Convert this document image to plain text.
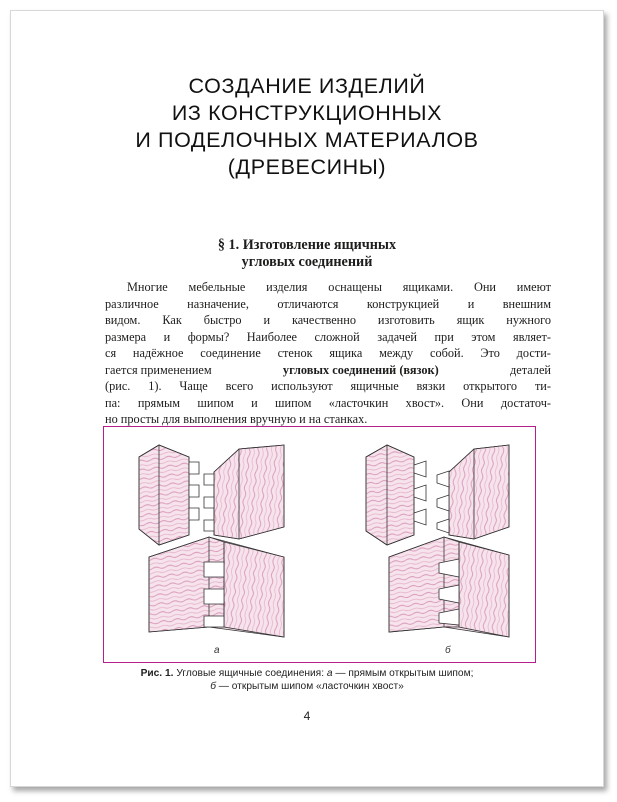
СОЗДАНИЕ ИЗДЕЛИЙ
ИЗ КОНСТРУКЦИОННЫХ
И ПОДЕЛОЧНЫХ МАТЕРИАЛОВ
(ДРЕВЕСИНЫ)
§ 1. Изготовление ящичных
угловых соединений
Многие мебельные изделия оснащены ящиками. Они имеют
различное назначение, отличаются конструкцией и внешним
видом. Как быстро и качественно изготовить ящик нужного
размера и формы? Наиболее сложной задачей при этом являет-
ся надёжное соединение стенок ящика между собой. Это дости-
гается применением	угловых соединений (вязок)	деталей
(рис. 1). Чаще всего используют ящичные вязки открытого ти-
па: прямым шипом и шипом «ласточкин хвост». Они достаточ-
но просты для выполнения вручную и на станках.
а	б
Рис. 1. Угловые ящичные соединения: а — прямым открытым шипом;
б — открытым шипом «ласточкин хвост»
4
